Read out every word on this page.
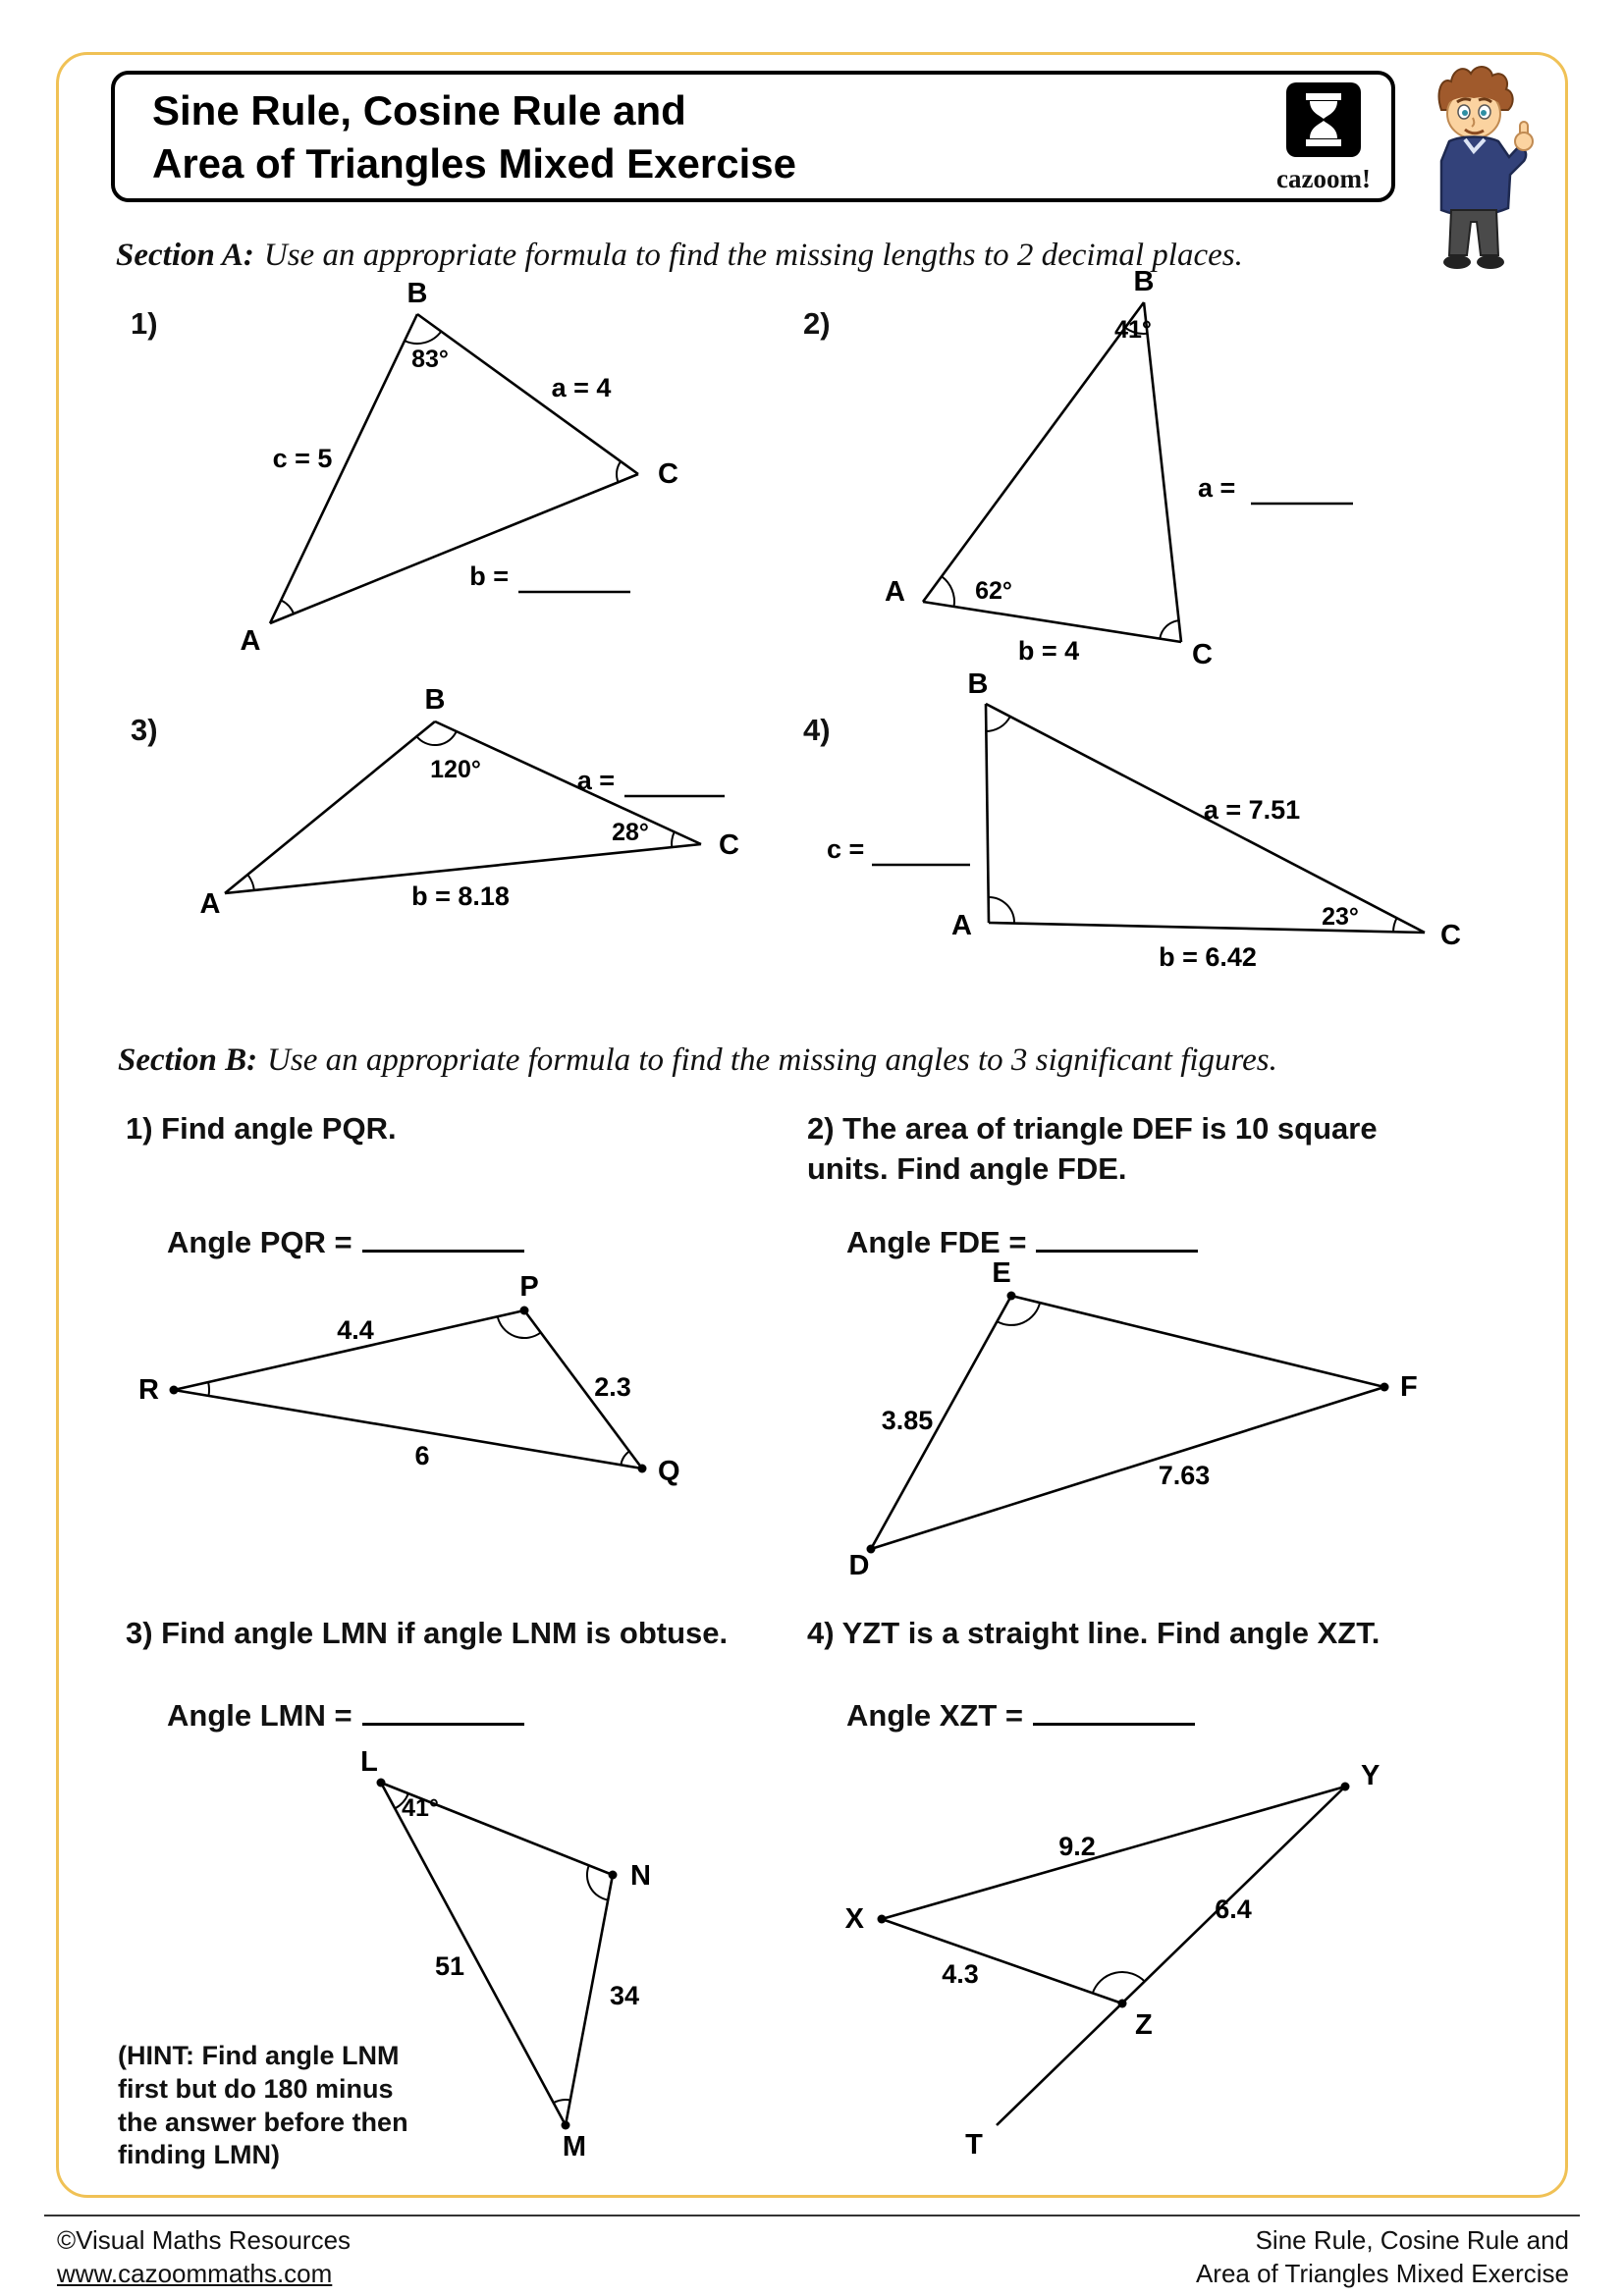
Sine Rule, Cosine Rule and
Area of Triangles Mixed Exercise	cazoom!
Section A: Use an appropriate formula to find the missing lengths to 2 decimal places.
1)
B
A
C
83°
a = 4
c = 5
b =
2)
B
A
C
41°
62°
a =
b = 4
3)
B
A
C
120°
28°
a =
b = 8.18
4)
B
A	C
23°
a = 7.51
c =
b = 6.42
Section B: Use an appropriate formula to find the missing angles to 3 significant figures.
1) Find angle PQR.
Angle PQR =
P
R
Q
4.4
2.3
6
2) The area of triangle DEF is 10 square
units. Find angle FDE.
Angle FDE =
E
F
D
3.85
7.63
3) Find angle LMN if angle LNM is obtuse.
Angle LMN =
L
N
M
41°
51
34
(HINT: Find angle LNM
first but do 180 minus
the answer before then
finding LMN)
4) YZT is a straight line. Find angle XZT.
Angle XZT =
Y
X
Z
T
9.2
6.4
4.3
©Visual Maths Resources
www.cazoommaths.com
Sine Rule, Cosine Rule and
Area of Triangles Mixed Exercise
